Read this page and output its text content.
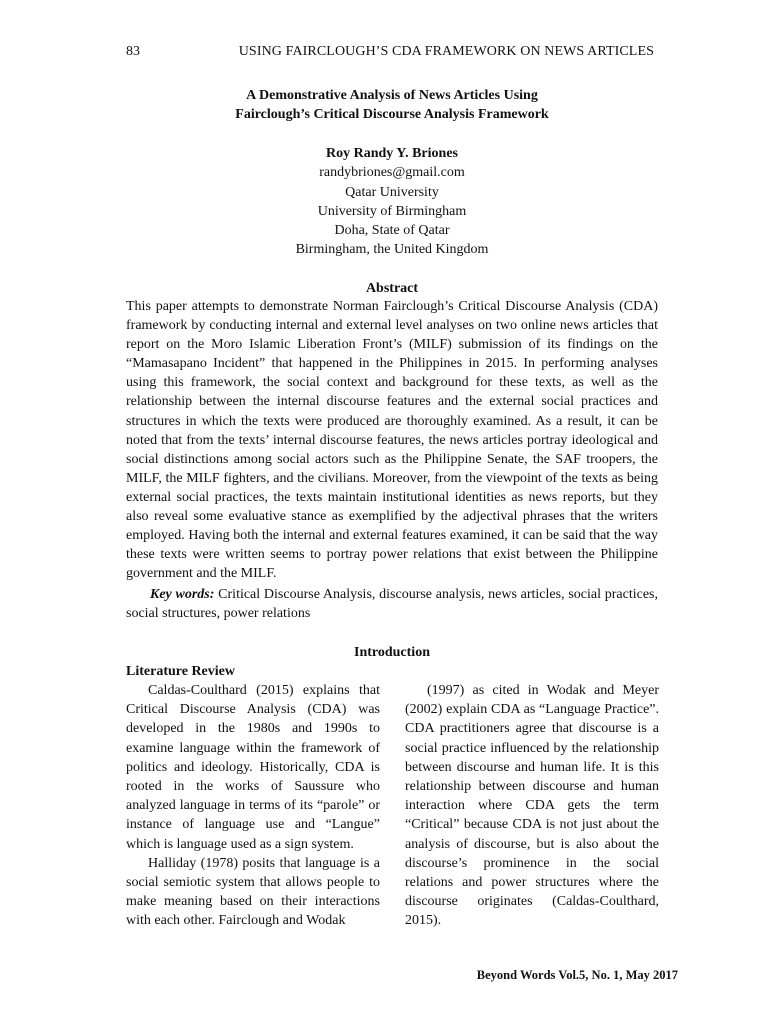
83	USING FAIRCLOUGH’S CDA FRAMEWORK ON NEWS ARTICLES
A Demonstrative Analysis of News Articles Using
Fairclough’s Critical Discourse Analysis Framework
Roy Randy Y. Briones
randybriones@gmail.com
Qatar University
University of Birmingham
Doha, State of Qatar
Birmingham, the United Kingdom
Abstract

This paper attempts to demonstrate Norman Fairclough’s Critical Discourse Analysis (CDA) framework by conducting internal and external level analyses on two online news articles that report on the Moro Islamic Liberation Front’s (MILF) submission of its findings on the “Mamasapano Incident” that happened in the Philippines in 2015. In performing analyses using this framework, the social context and background for these texts, as well as the relationship between the internal discourse features and the external social practices and structures in which the texts were produced are thoroughly examined. As a result, it can be noted that from the texts’ internal discourse features, the news articles portray ideological and social distinctions among social actors such as the Philippine Senate, the SAF troopers, the MILF, the MILF fighters, and the civilians. Moreover, from the viewpoint of the texts as being external social practices, the texts maintain institutional identities as news reports, but they also reveal some evaluative stance as exemplified by the adjectival phrases that the writers employed. Having both the internal and external features examined, it can be said that the way these texts were written seems to portray power relations that exist between the Philippine government and the MILF.

Key words: Critical Discourse Analysis, discourse analysis, news articles, social practices, social structures, power relations

Introduction
Literature Review

Caldas-Coulthard (2015) explains that Critical Discourse Analysis (CDA) was developed in the 1980s and 1990s to examine language within the framework of politics and ideology. Historically, CDA is rooted in the works of Saussure who analyzed language in terms of its “parole” or instance of language use and “Langue” which is language used as a sign system.

Halliday (1978) posits that language is a social semiotic system that allows people to make meaning based on their interactions with each other. Fairclough and Wodak

(1997) as cited in Wodak and Meyer (2002) explain CDA as “Language Practice”. CDA practitioners agree that discourse is a social practice influenced by the relationship between discourse and human life. It is this relationship between discourse and human interaction where CDA gets the term “Critical” because CDA is not just about the analysis of discourse, but is also about the discourse’s prominence in the social relations and power structures where the discourse originates (Caldas-Coulthard, 2015).

Beyond Words Vol.5, No. 1, May 2017
